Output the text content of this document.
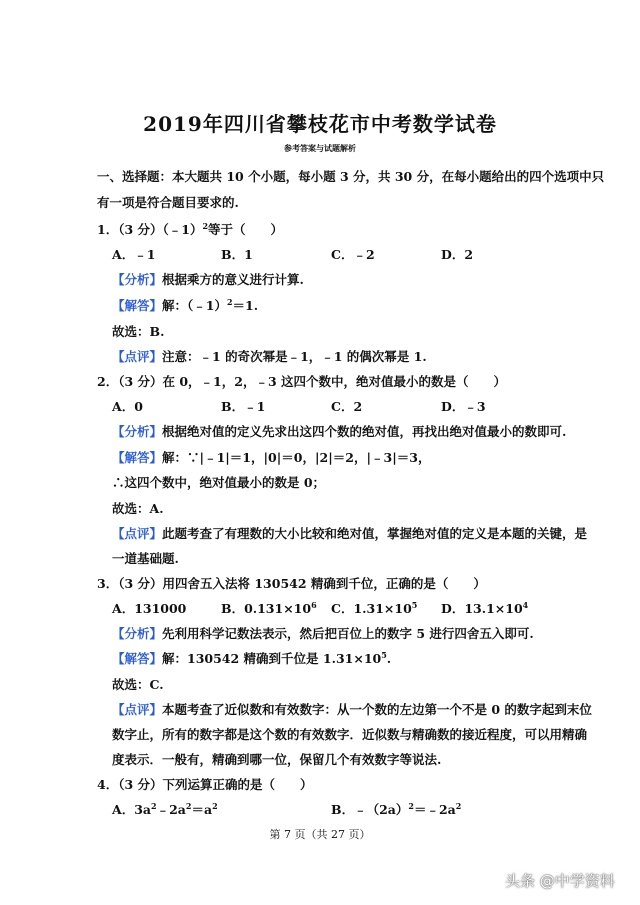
2019年四川省攀枝花市中考数学试卷
参考答案与试题解析
一、选择题：本大题共 10 个小题，每小题 3 分，共 30 分，在每小题给出的四个选项中只
有一项是符合题目要求的.
1．（3 分）（﹣1）$^2$等于（　　）
A．﹣1	B．1	C．﹣2	D．2
【分析】根据乘方的意义进行计算.
【解答】解：（﹣1）$^2$＝1.
故选：B.
【点评】注意：﹣1 的奇次幂是﹣1，﹣1 的偶次幂是 1.
2．（3 分）在 0，﹣1，2，﹣3 这四个数中，绝对值最小的数是（　　）
A．0	B．﹣1	C．2	D．﹣3
【分析】根据绝对值的定义先求出这四个数的绝对值，再找出绝对值最小的数即可.
【解答】解：∵|﹣1|＝1，|0|＝0，|2|＝2，|﹣3|＝3，
∴这四个数中，绝对值最小的数是 0；
故选：A.
【点评】此题考查了有理数的大小比较和绝对值，掌握绝对值的定义是本题的关键，是
一道基础题.
3．（3 分）用四舍五入法将 130542 精确到千位，正确的是（　　）
A．131000	B．$0.131\times 10^6$ C．$1.31\times 10^5$ D．$13.1\times 10^4$
【分析】先利用科学记数法表示，然后把百位上的数字 5 进行四舍五入即可.
【解答】解：130542 精确到千位是 $1.31\times 10^5$.
故选：C.
【点评】本题考查了近似数和有效数字：从一个数的左边第一个不是 0 的数字起到末位
数字止，所有的数字都是这个数的有效数字．近似数与精确数的接近程度，可以用精确
度表示．一般有，精确到哪一位，保留几个有效数字等说法.
4．（3 分）下列运算正确的是（　　）
A．$3a^2﹣2a^2=a^2$	B．$﹣(2a)^2=﹣2a^2$
第 7 页（共 27 页）
头条 @中学资料
